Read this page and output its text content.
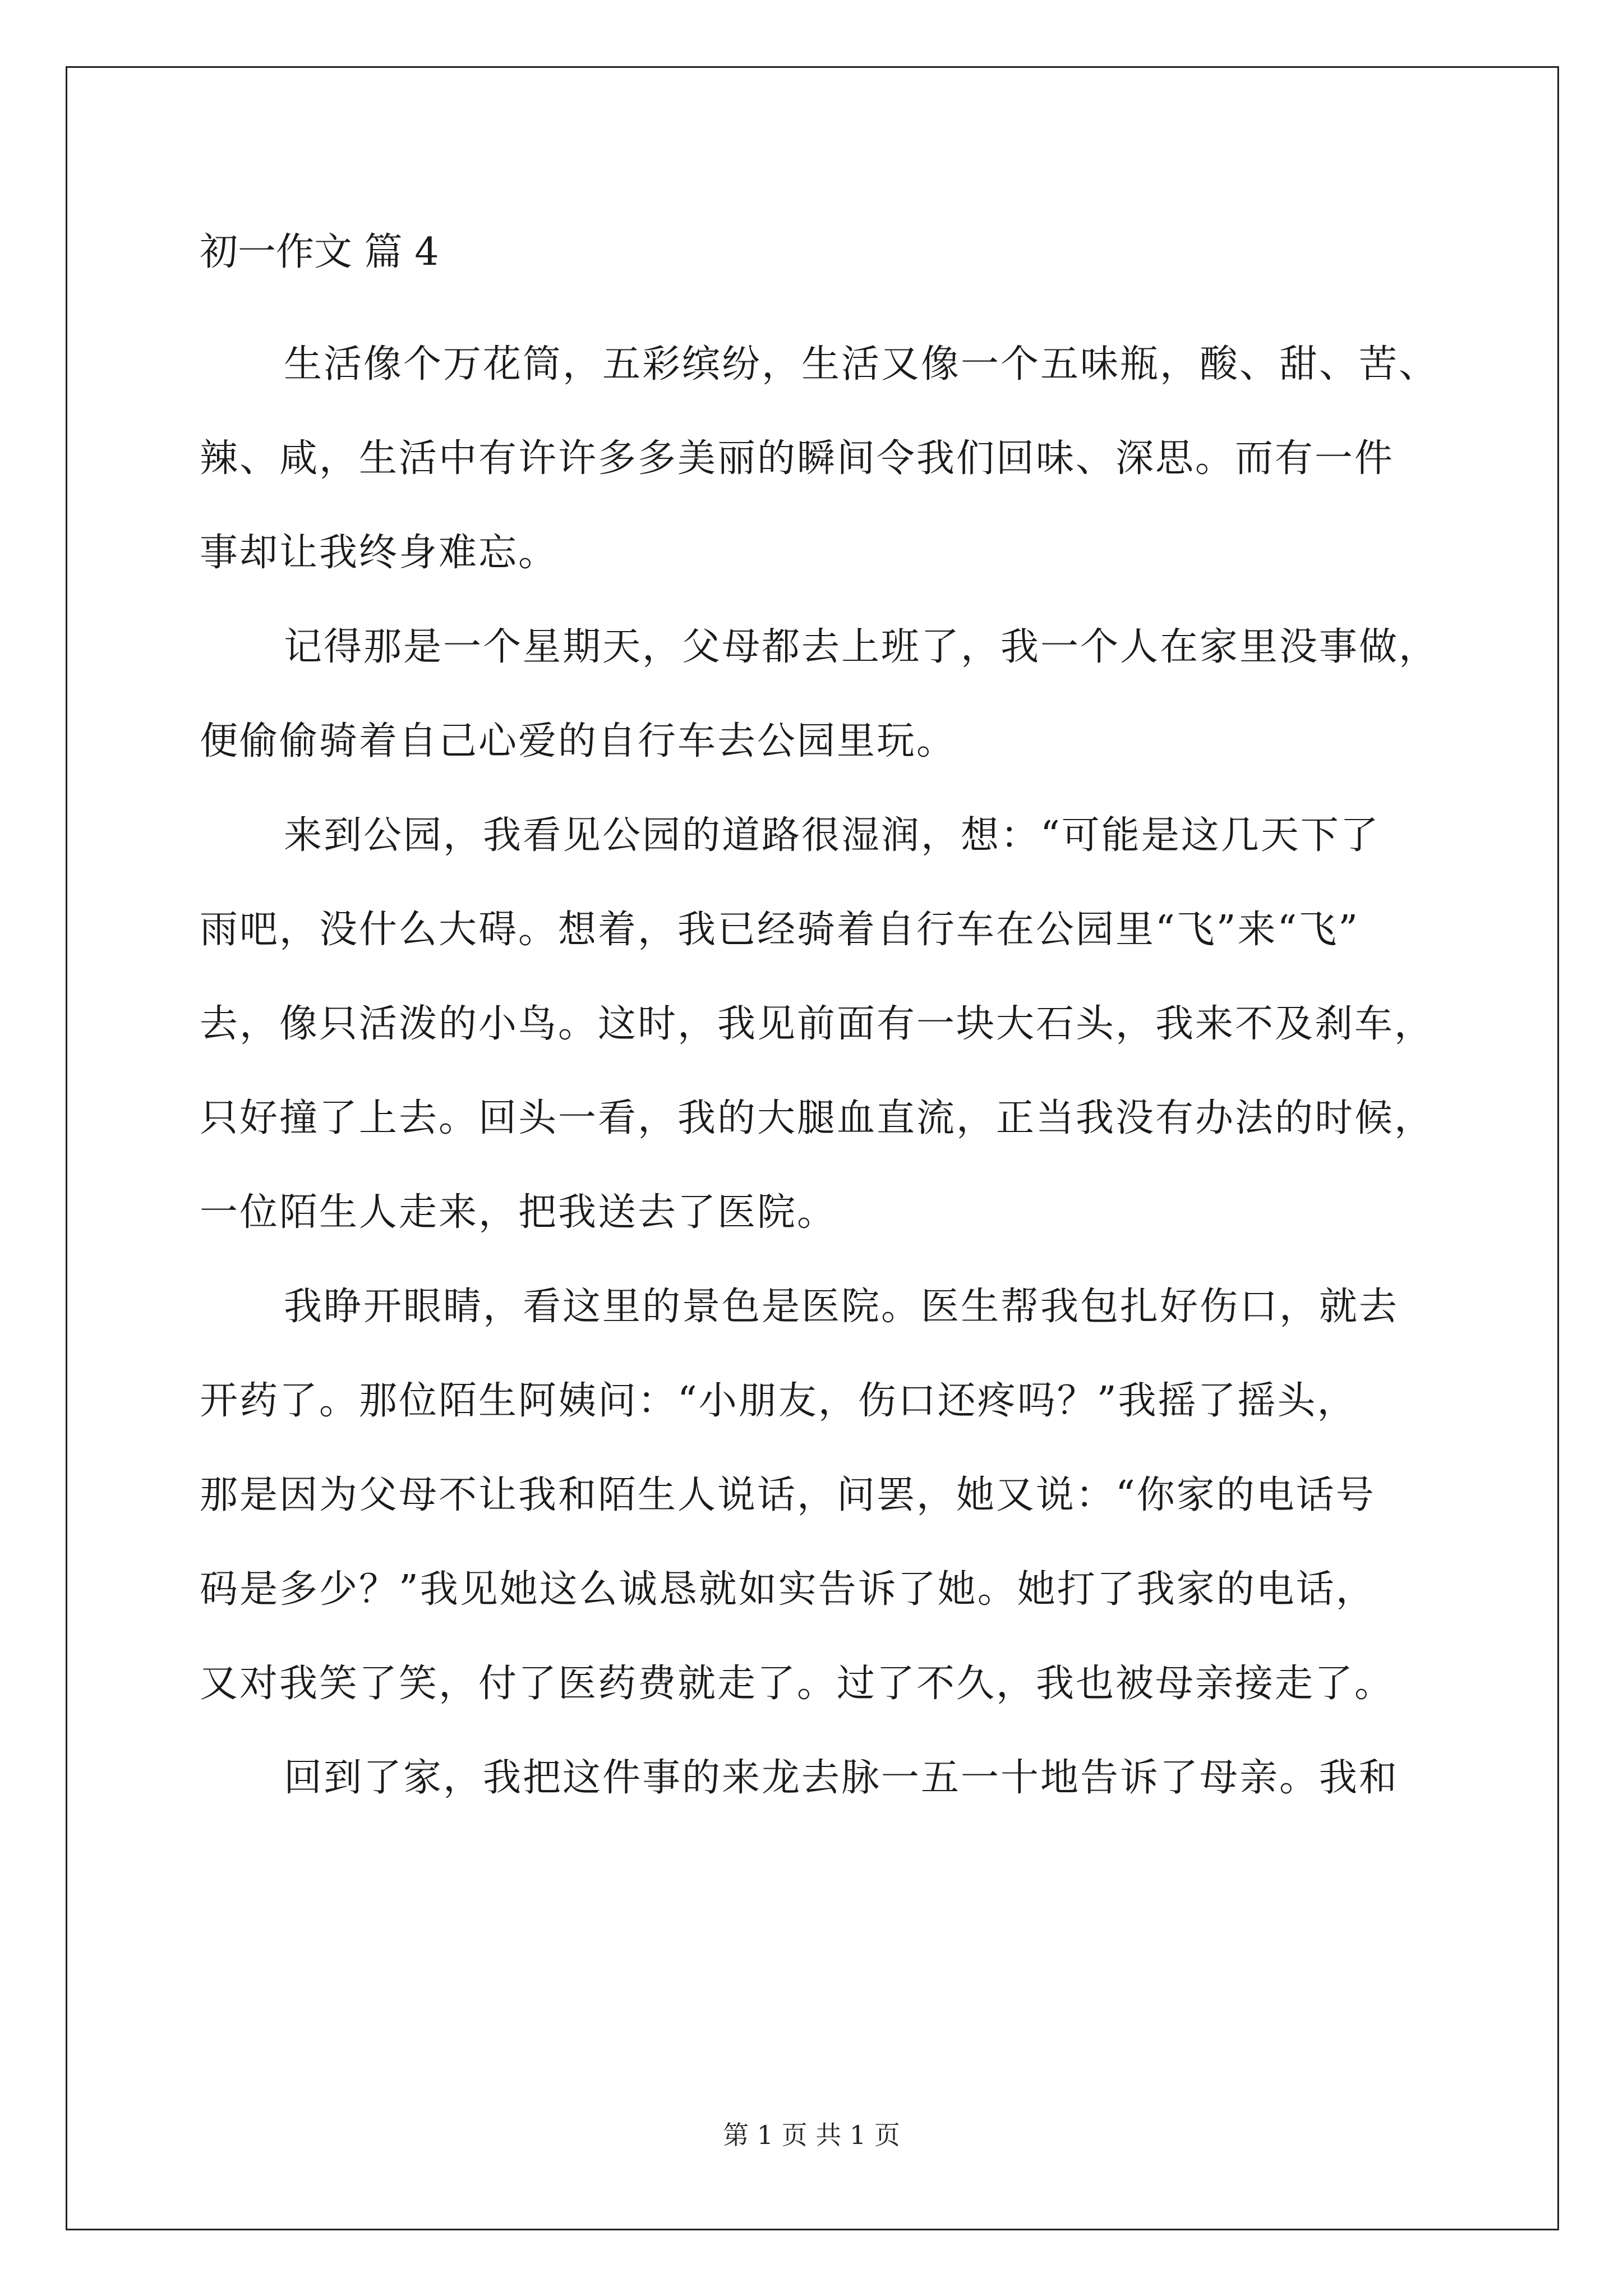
初一作文 篇 4

生活像个万花筒，五彩缤纷，生活又像一个五味瓶，酸、甜、苦、
辣、咸，生活中有许许多多美丽的瞬间令我们回味、深思。而有一件
事却让我终身难忘。

记得那是一个星期天，父母都去上班了，我一个人在家里没事做，
便偷偷骑着自己心爱的自行车去公园里玩。

来到公园，我看见公园的道路很湿润，想：“可能是这几天下了
雨吧，没什么大碍。想着，我已经骑着自行车在公园里“飞”来“飞”
去，像只活泼的小鸟。这时，我见前面有一块大石头，我来不及刹车，
只好撞了上去。回头一看，我的大腿血直流，正当我没有办法的时候，
一位陌生人走来，把我送去了医院。

我睁开眼睛，看这里的景色是医院。医生帮我包扎好伤口，就去
开药了。那位陌生阿姨问：“小朋友，伤口还疼吗？”我摇了摇头，
那是因为父母不让我和陌生人说话，问罢，她又说：“你家的电话号
码是多少？”我见她这么诚恳就如实告诉了她。她打了我家的电话，
又对我笑了笑，付了医药费就走了。过了不久，我也被母亲接走了。

回到了家，我把这件事的来龙去脉一五一十地告诉了母亲。我和

第 1 页 共 1 页
